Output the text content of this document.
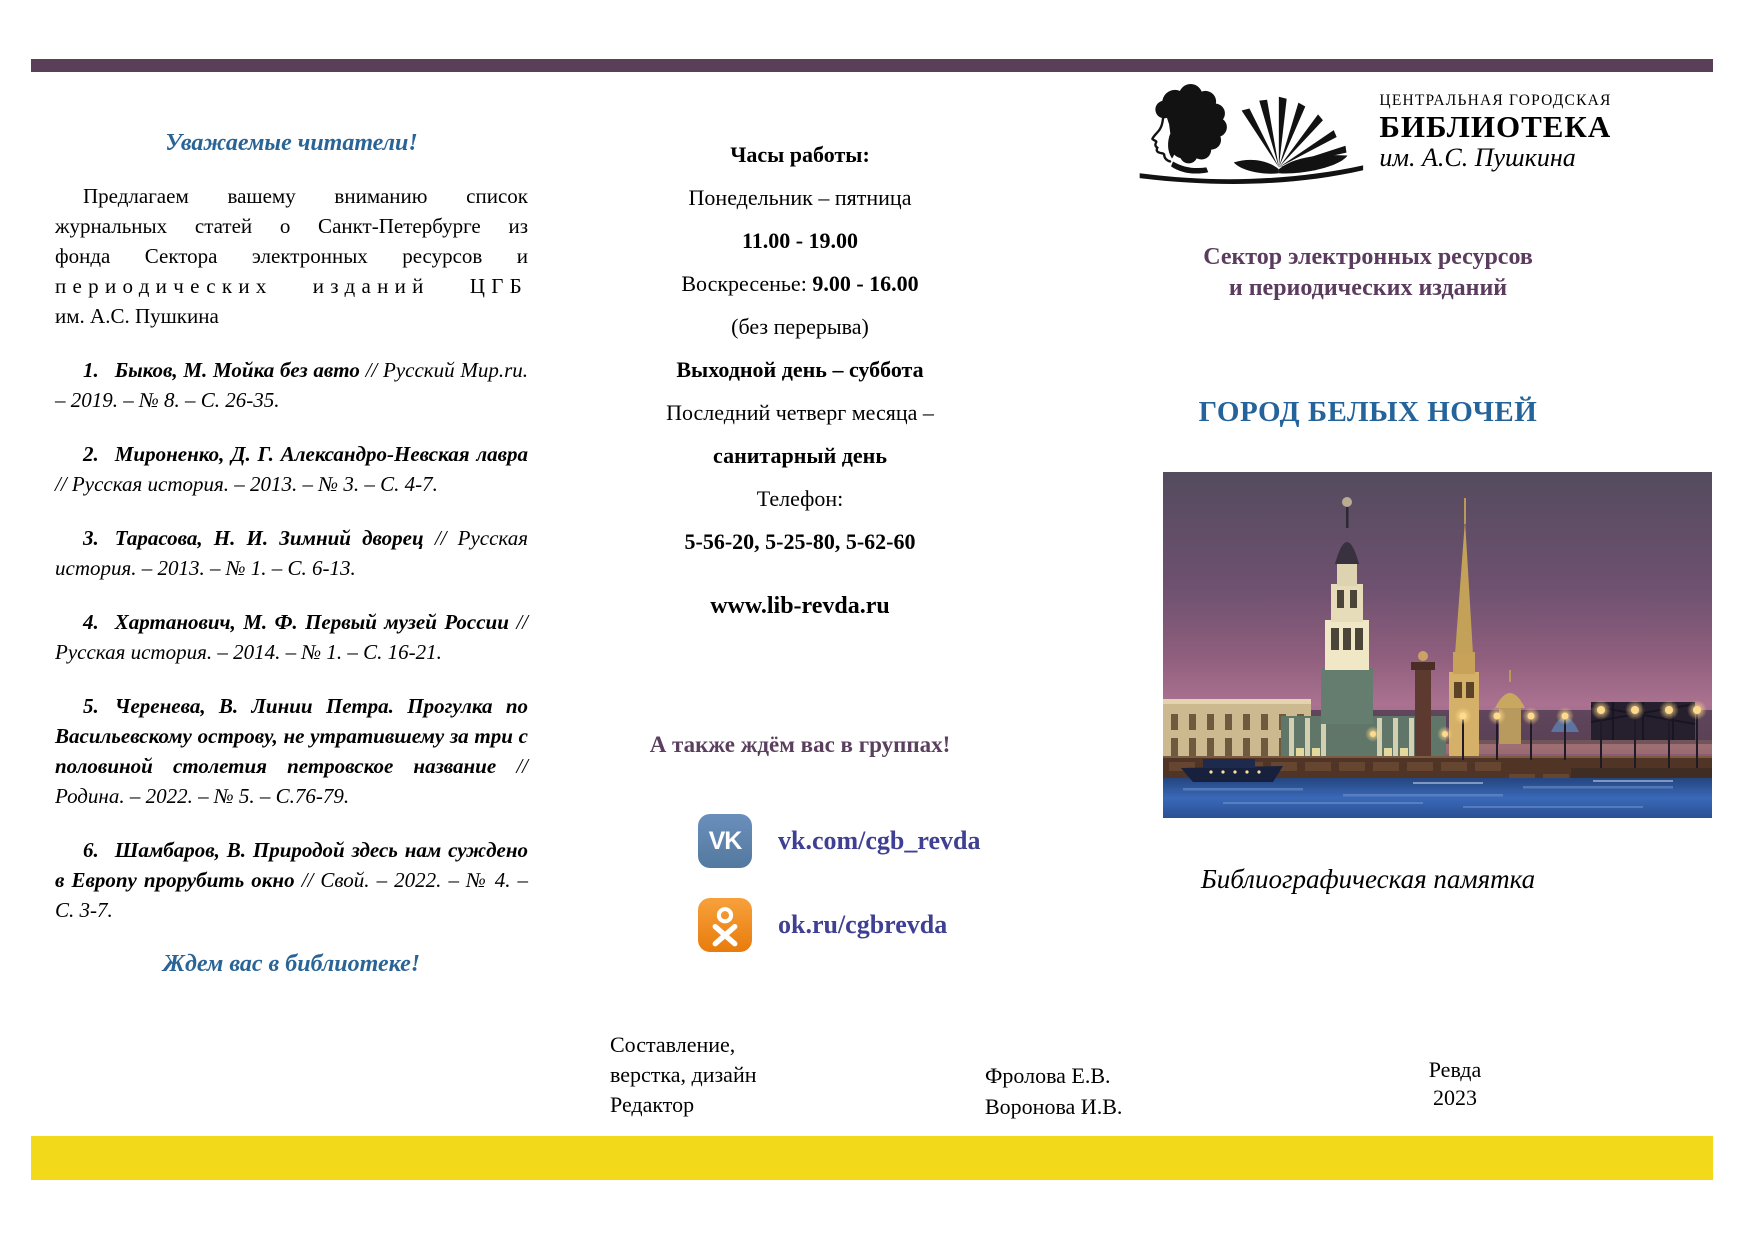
Уважаемые читатели!
Предлагаем вашему вниманию список
журнальных статей о Санкт-Петербурге из
фонда Сектора электронных ресурсов и
периодических изданий ЦГБ
им. А.С. Пушкина

1. Быков, М. Мойка без авто // Русский Мир.ru. – 2019. – № 8. – С. 26-35.

2. Мироненко, Д. Г. Александро-Невская лавра // Русская история. – 2013. – № 3. – С. 4-7.

3. Тарасова, Н. И. Зимний дворец // Русская история. – 2013. – № 1. – С. 6-13.

4. Хартанович, М. Ф. Первый музей России // Русская история. – 2014. – № 1. – С. 16-21.

5. Черенева, В. Линии Петра. Прогулка по Васильевскому острову, не утратившему за три с половиной столетия петровское название // Родина. – 2022. – № 5. – С.76-79.

6. Шамбаров, В. Природой здесь нам суждено в Европу прорубить окно // Свой. – 2022. – № 4. – С. 3-7.

Ждем вас в библиотеке!
Часы работы:
Понедельник – пятница
11.00 - 19.00
Воскресенье: 9.00 - 16.00
(без перерыва)
Выходной день – суббота
Последний четверг месяца –
санитарный день
Телефон:
5-56-20, 5-25-80, 5-62-60
www.lib-revda.ru
А также ждём вас в группах!
VK vk.com/cgb_revda
ok.ru/cgbrevda
ЦЕНТРАЛЬНАЯ ГОРОДСКАЯ
БИБЛИОТЕКА
им. А.С. Пушкина
Сектор электронных ресурсов
и периодических изданий
ГОРОД БЕЛЫХ НОЧЕЙ
Библиографическая памятка
Составление,
верстка, дизайн
Редактор
Фролова Е.В.
Воронова И.В.
Ревда
2023
